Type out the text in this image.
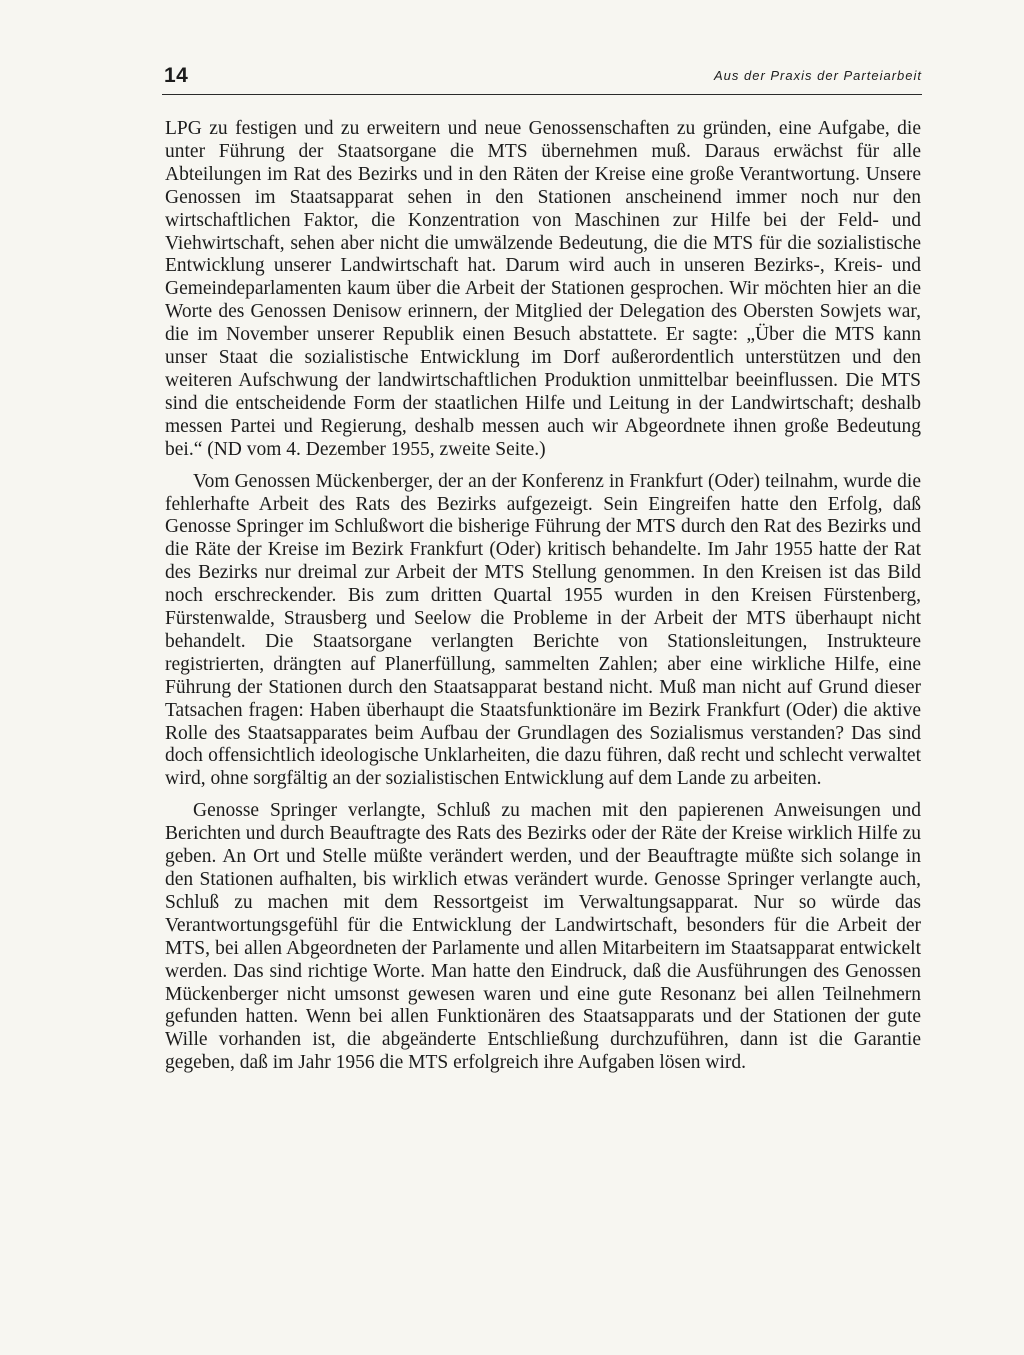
14	Aus der Praxis der Parteiarbeit

LPG zu festigen und zu erweitern und neue Genossenschaften zu gründen, eine Aufgabe, die unter Führung der Staatsorgane die MTS übernehmen muß. Daraus erwächst für alle Abteilungen im Rat des Bezirks und in den Räten der Kreise eine große Verantwortung. Unsere Genossen im Staatsapparat sehen in den Stationen anscheinend immer noch nur den wirtschaftlichen Faktor, die Konzentration von Maschinen zur Hilfe bei der Feld- und Viehwirtschaft, sehen aber nicht die umwälzende Bedeutung, die die MTS für die sozialistische Entwicklung unserer Landwirtschaft hat. Darum wird auch in unseren Bezirks-, Kreis- und Gemeindeparlamenten kaum über die Arbeit der Stationen gesprochen. Wir möchten hier an die Worte des Genossen Denisow erinnern, der Mitglied der Delegation des Obersten Sowjets war, die im November unserer Republik einen Besuch abstattete. Er sagte: „Über die MTS kann unser Staat die sozialistische Entwicklung im Dorf außerordentlich unterstützen und den weiteren Aufschwung der landwirtschaftlichen Produktion unmittelbar beeinflussen. Die MTS sind die entscheidende Form der staatlichen Hilfe und Leitung in der Landwirtschaft; deshalb messen Partei und Regierung, deshalb messen auch wir Abgeordnete ihnen große Bedeutung bei.“ (ND vom 4. Dezember 1955, zweite Seite.)

Vom Genossen Mückenberger, der an der Konferenz in Frankfurt (Oder) teilnahm, wurde die fehlerhafte Arbeit des Rats des Bezirks aufgezeigt. Sein Eingreifen hatte den Erfolg, daß Genosse Springer im Schlußwort die bisherige Führung der MTS durch den Rat des Bezirks und die Räte der Kreise im Bezirk Frankfurt (Oder) kritisch behandelte. Im Jahr 1955 hatte der Rat des Bezirks nur dreimal zur Arbeit der MTS Stellung genommen. In den Kreisen ist das Bild noch erschreckender. Bis zum dritten Quartal 1955 wurden in den Kreisen Fürstenberg, Fürstenwalde, Strausberg und Seelow die Probleme in der Arbeit der MTS überhaupt nicht behandelt. Die Staatsorgane verlangten Berichte von Stationsleitungen, Instrukteure registrierten, drängten auf Planerfüllung, sammelten Zahlen; aber eine wirkliche Hilfe, eine Führung der Stationen durch den Staatsapparat bestand nicht. Muß man nicht auf Grund dieser Tatsachen fragen: Haben überhaupt die Staatsfunktionäre im Bezirk Frankfurt (Oder) die aktive Rolle des Staatsapparates beim Aufbau der Grundlagen des Sozialismus verstanden? Das sind doch offensichtlich ideologische Unklarheiten, die dazu führen, daß recht und schlecht verwaltet wird, ohne sorgfältig an der sozialistischen Entwicklung auf dem Lande zu arbeiten.

Genosse Springer verlangte, Schluß zu machen mit den papierenen Anweisungen und Berichten und durch Beauftragte des Rats des Bezirks oder der Räte der Kreise wirklich Hilfe zu geben. An Ort und Stelle müßte verändert werden, und der Beauftragte müßte sich solange in den Stationen aufhalten, bis wirklich etwas verändert wurde. Genosse Springer verlangte auch, Schluß zu machen mit dem Ressortgeist im Verwaltungsapparat. Nur so würde das Verantwortungsgefühl für die Entwicklung der Landwirtschaft, besonders für die Arbeit der MTS, bei allen Abgeordneten der Parlamente und allen Mitarbeitern im Staatsapparat entwickelt werden. Das sind richtige Worte. Man hatte den Eindruck, daß die Ausführungen des Genossen Mückenberger nicht umsonst gewesen waren und eine gute Resonanz bei allen Teilnehmern gefunden hatten. Wenn bei allen Funktionären des Staatsapparats und der Stationen der gute Wille vorhanden ist, die abgeänderte Entschließung durchzuführen, dann ist die Garantie gegeben, daß im Jahr 1956 die MTS erfolgreich ihre Aufgaben lösen wird.
